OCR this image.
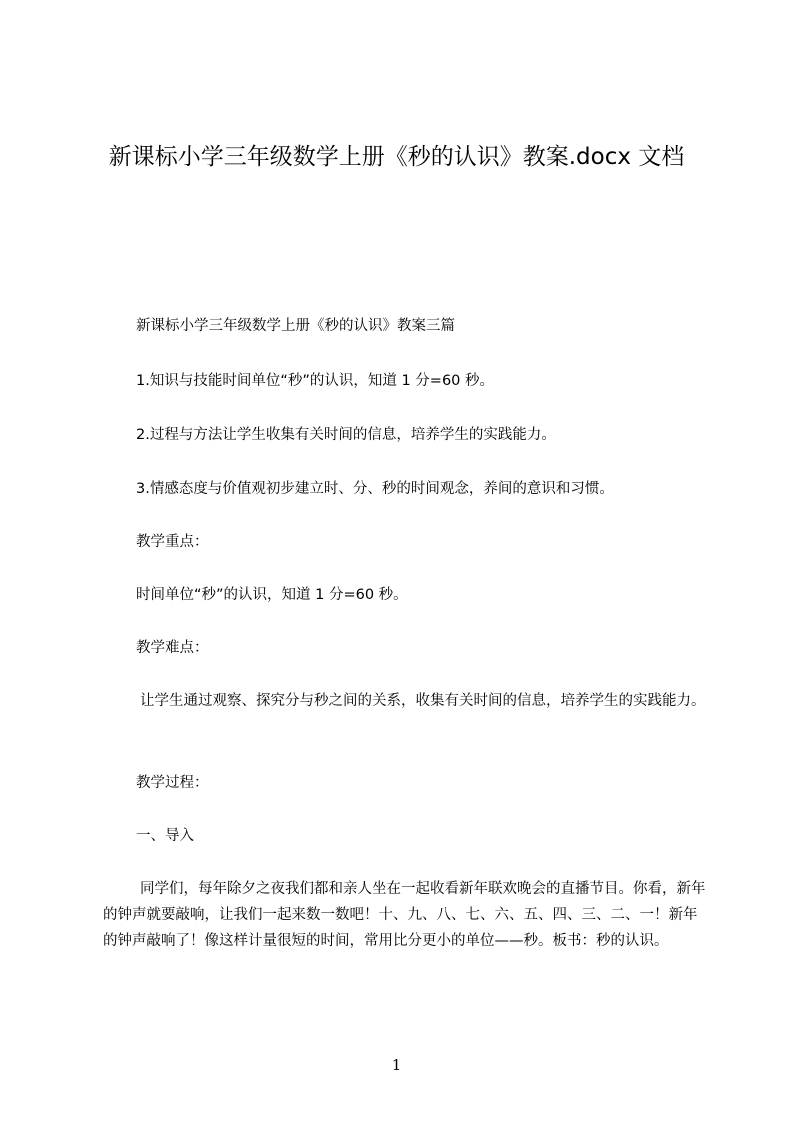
新课标小学三年级数学上册《秒的认识》教案.docx 文档

新课标小学三年级数学上册《秒的认识》教案三篇

1.知识与技能时间单位“秒”的认识，知道 1 分=60 秒。

2.过程与方法让学生收集有关时间的信息，培养学生的实践能力。

3.情感态度与价值观初步建立时、分、秒的时间观念，养间的意识和习惯。

教学重点：

时间单位“秒”的认识，知道 1 分=60 秒。

教学难点：

让学生通过观察、探究分与秒之间的关系，收集有关时间的信息，培养学生的实践能力。

教学过程：

一、导入

同学们，每年除夕之夜我们都和亲人坐在一起收看新年联欢晚会的直播节目。你看，新年的钟声就要敲响，让我们一起来数一数吧！十、九、八、七、六、五、四、三、二、一！新年的钟声敲响了！像这样计量很短的时间，常用比分更小的单位——秒。板书：秒的认识。

1
